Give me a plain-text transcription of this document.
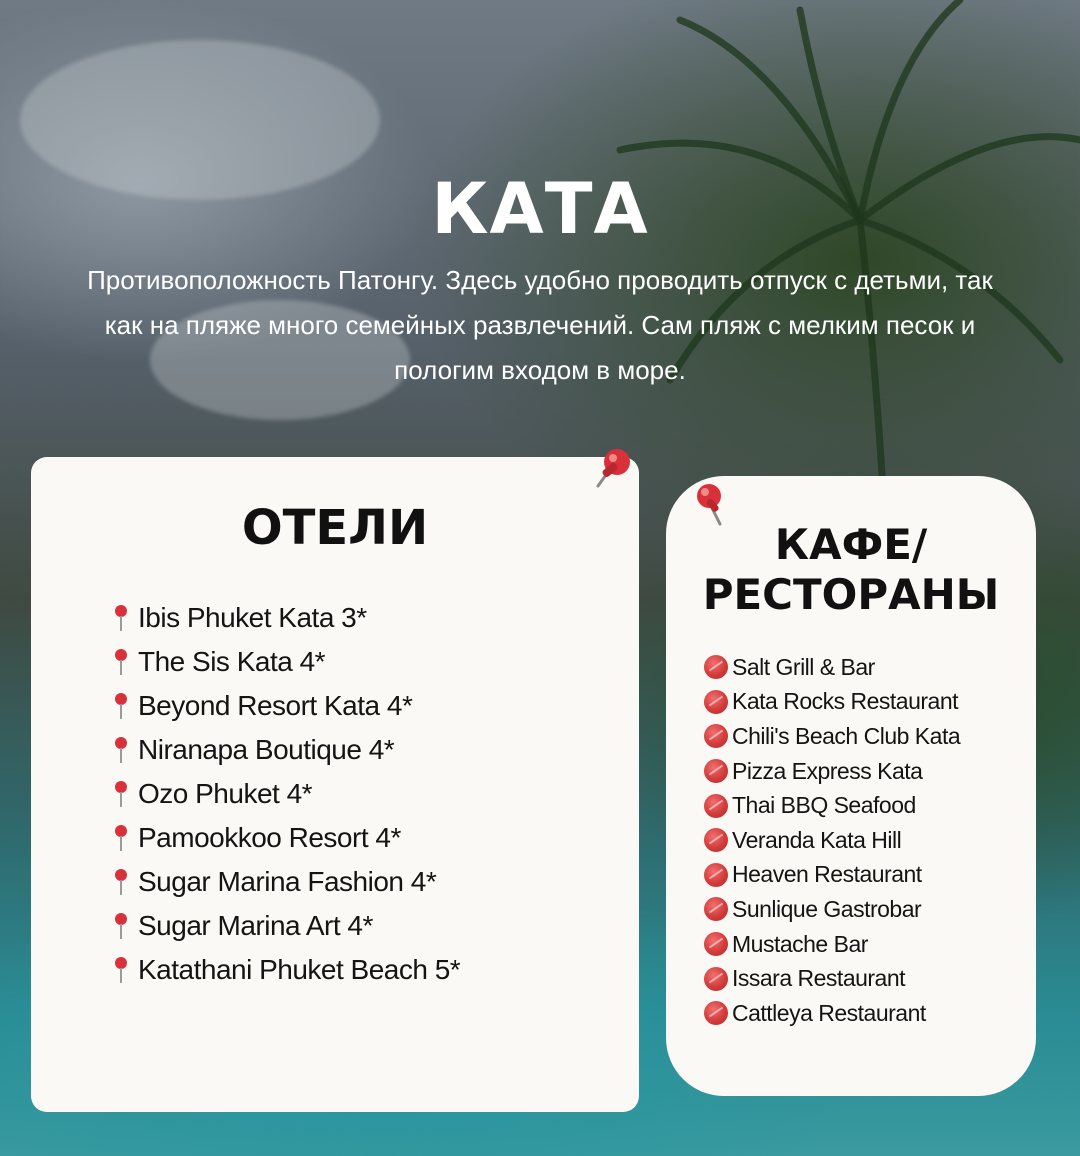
КАТА

Противоположность Патонгу. Здесь удобно проводить отпуск с детьми, так как на пляже много семейных развлечений. Сам пляж с мелким песок и пологим входом в море.

ОТЕЛИ
Ibis Phuket Kata 3*
The Sis Kata 4*
Beyond Resort Kata 4*
Niranapa Boutique 4*
Ozo Phuket 4*
Pamookkoo Resort 4*
Sugar Marina Fashion 4*
Sugar Marina Art 4*
Katathani Phuket Beach 5*
КАФЕ/
РЕСТОРАНЫ
Salt Grill & Bar
Kata Rocks Restaurant
Chili's Beach Club Kata
Pizza Express Kata
Thai BBQ Seafood
Veranda Kata Hill
Heaven Restaurant
Sunlique Gastrobar
Mustache Bar
Issara Restaurant
Cattleya Restaurant
